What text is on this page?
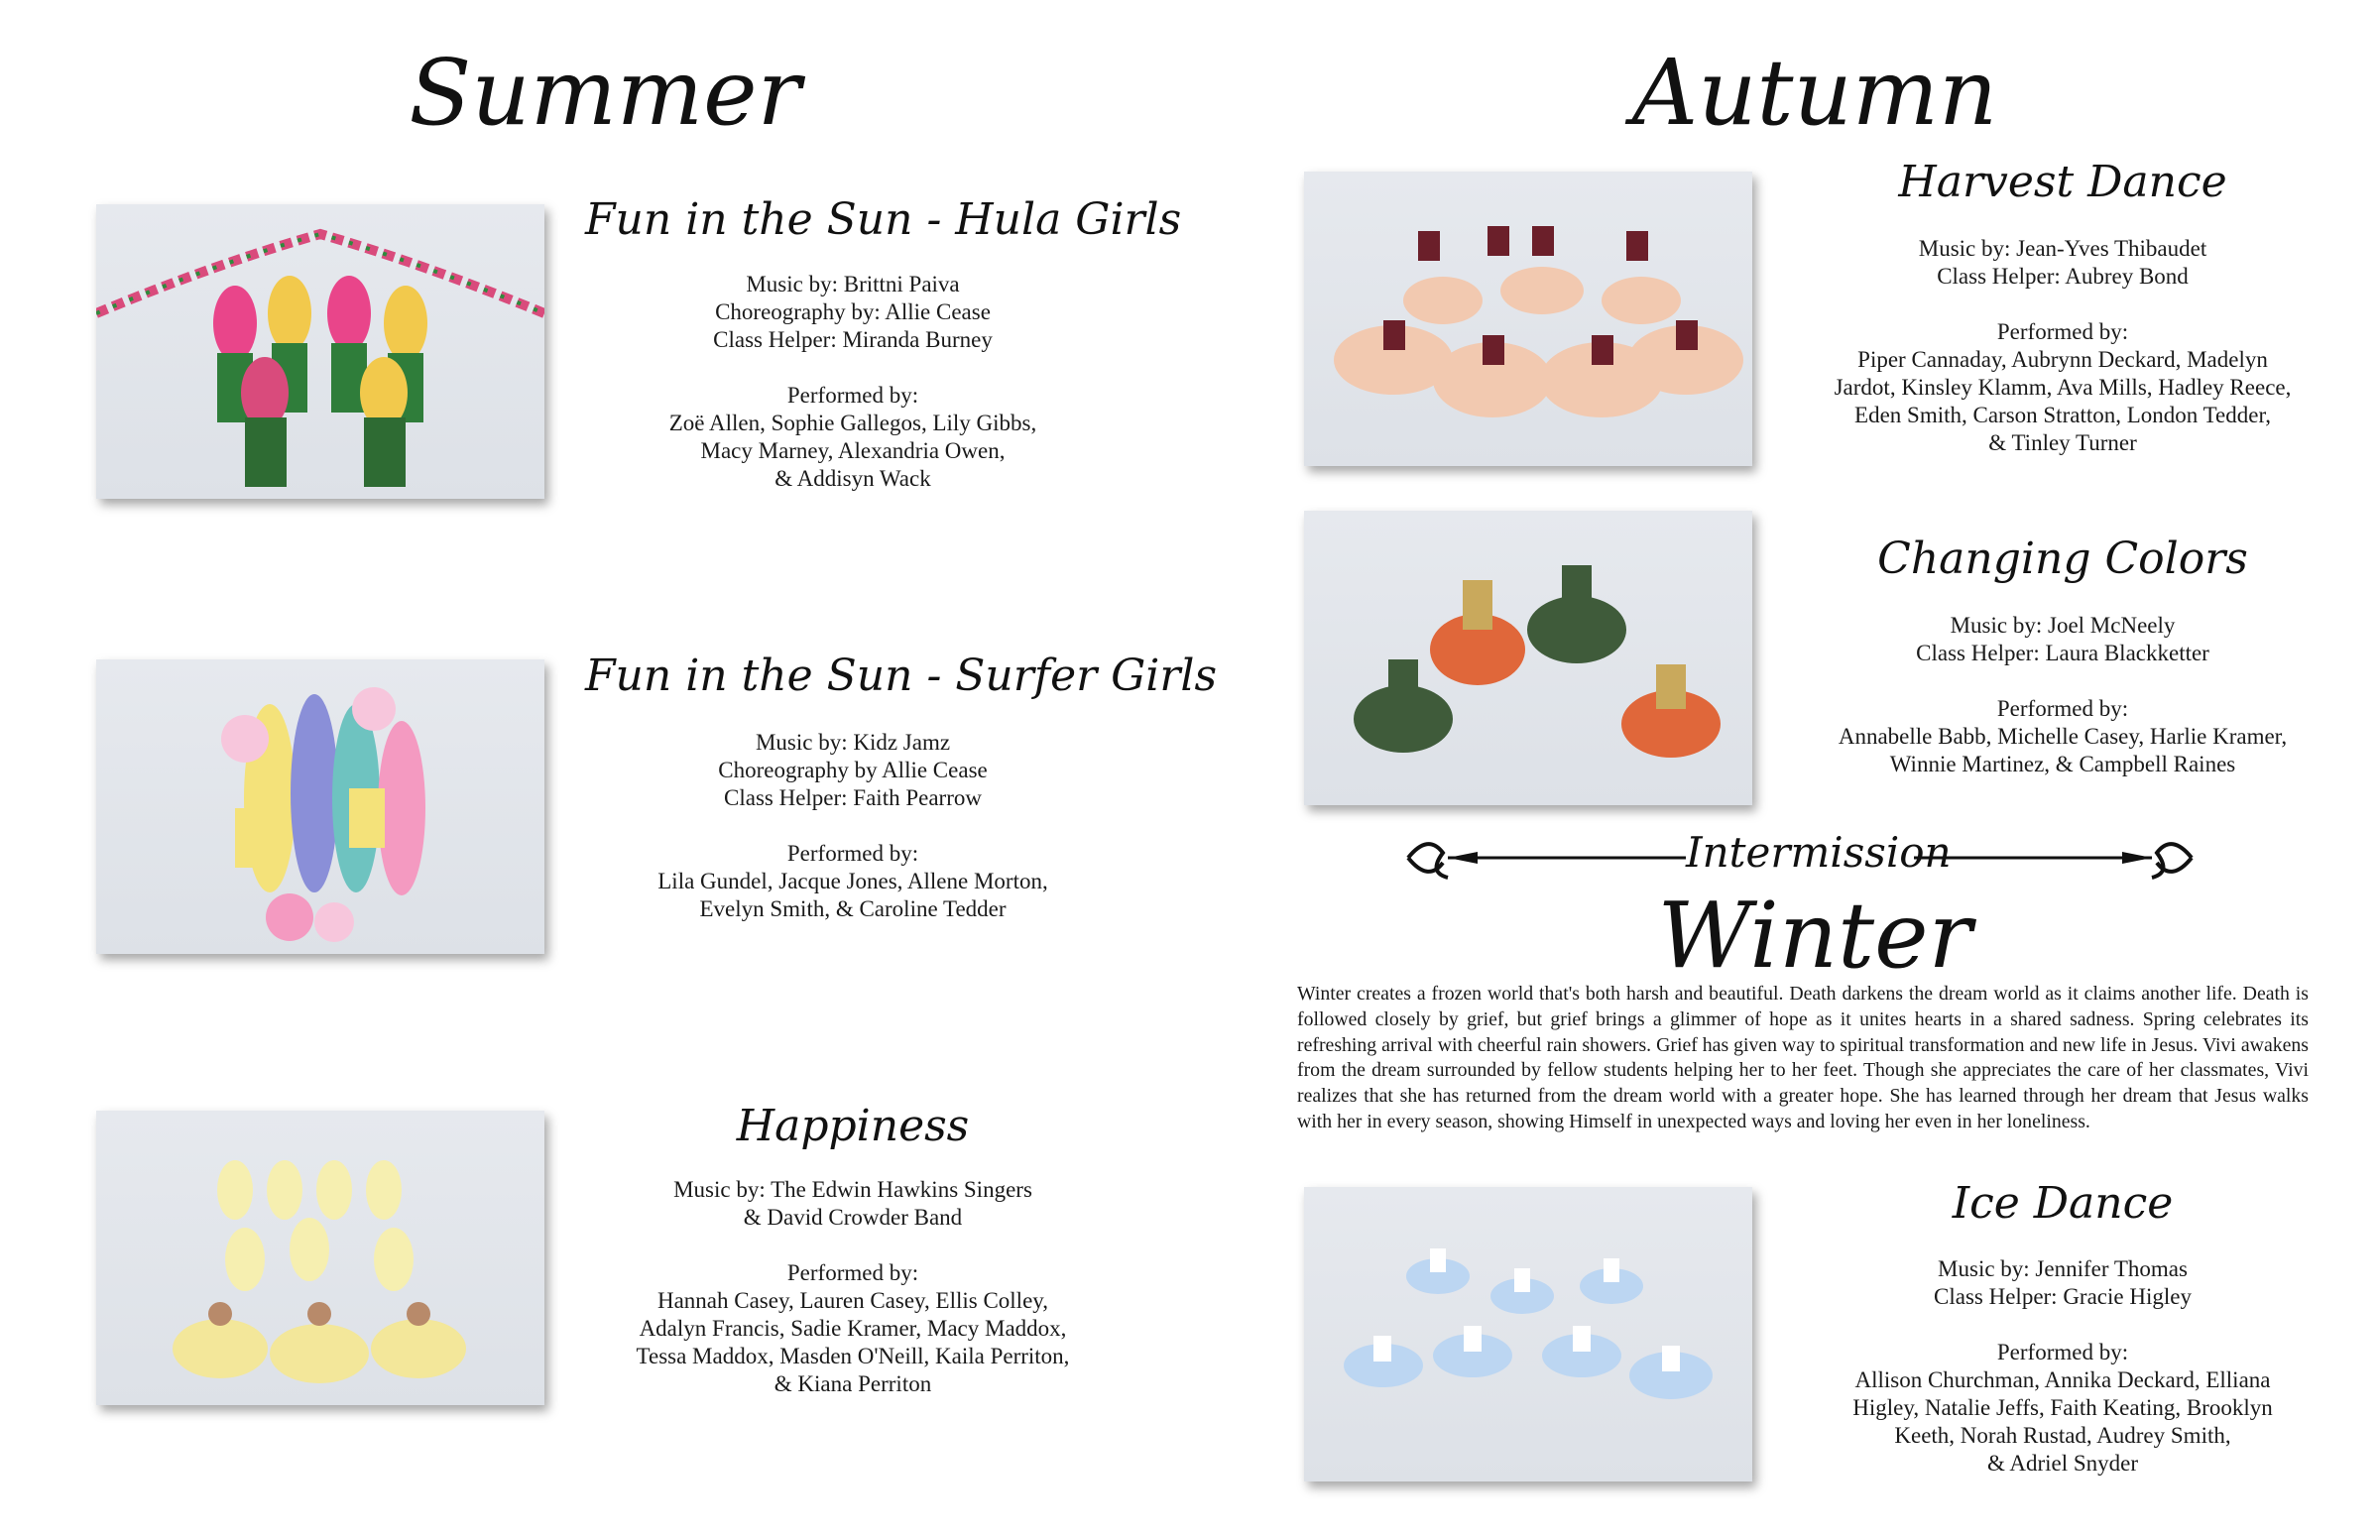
Summer
Fun in the Sun - Hula Girls
Music by: Brittni Paiva
Choreography by: Allie Cease
Class Helper: Miranda Burney
Performed by:
Zoë Allen, Sophie Gallegos, Lily Gibbs,
Macy Marney, Alexandria Owen,
& Addisyn Wack
Fun in the Sun - Surfer Girls
Music by: Kidz Jamz
Choreography by Allie Cease
Class Helper: Faith Pearrow
Performed by:
Lila Gundel, Jacque Jones, Allene Morton,
Evelyn Smith, & Caroline Tedder
Happiness
Music by: The Edwin Hawkins Singers
& David Crowder Band
Performed by:
Hannah Casey, Lauren Casey, Ellis Colley,
Adalyn Francis, Sadie Kramer, Macy Maddox,
Tessa Maddox, Masden O'Neill, Kaila Perriton,
& Kiana Perriton
Autumn
Harvest Dance
Music by: Jean-Yves Thibaudet
Class Helper: Aubrey Bond
Performed by:
Piper Cannaday, Aubrynn Deckard, Madelyn
Jardot, Kinsley Klamm, Ava Mills, Hadley Reece,
Eden Smith, Carson Stratton, London Tedder,
& Tinley Turner
Changing Colors
Music by: Joel McNeely
Class Helper: Laura Blackketter
Performed by:
Annabelle Babb, Michelle Casey, Harlie Kramer,
Winnie Martinez, & Campbell Raines
Intermission
Winter
Winter creates a frozen world that's both harsh and beautiful. Death darkens the dream world as it claims another life. Death is followed closely by grief, but grief brings a glimmer of hope as it unites hearts in a shared sadness. Spring celebrates its refreshing arrival with cheerful rain showers. Grief has given way to spiritual transformation and new life in Jesus. Vivi awakens from the dream surrounded by fellow students helping her to her feet. Though she appreciates the care of her classmates, Vivi realizes that she has returned from the dream world with a greater hope. She has learned through her dream that Jesus walks with her in every season, showing Himself in unexpected ways and loving her even in her loneliness.
Ice Dance
Music by: Jennifer Thomas
Class Helper: Gracie Higley
Performed by:
Allison Churchman, Annika Deckard, Elliana
Higley, Natalie Jeffs, Faith Keating, Brooklyn
Keeth, Norah Rustad, Audrey Smith,
& Adriel Snyder
